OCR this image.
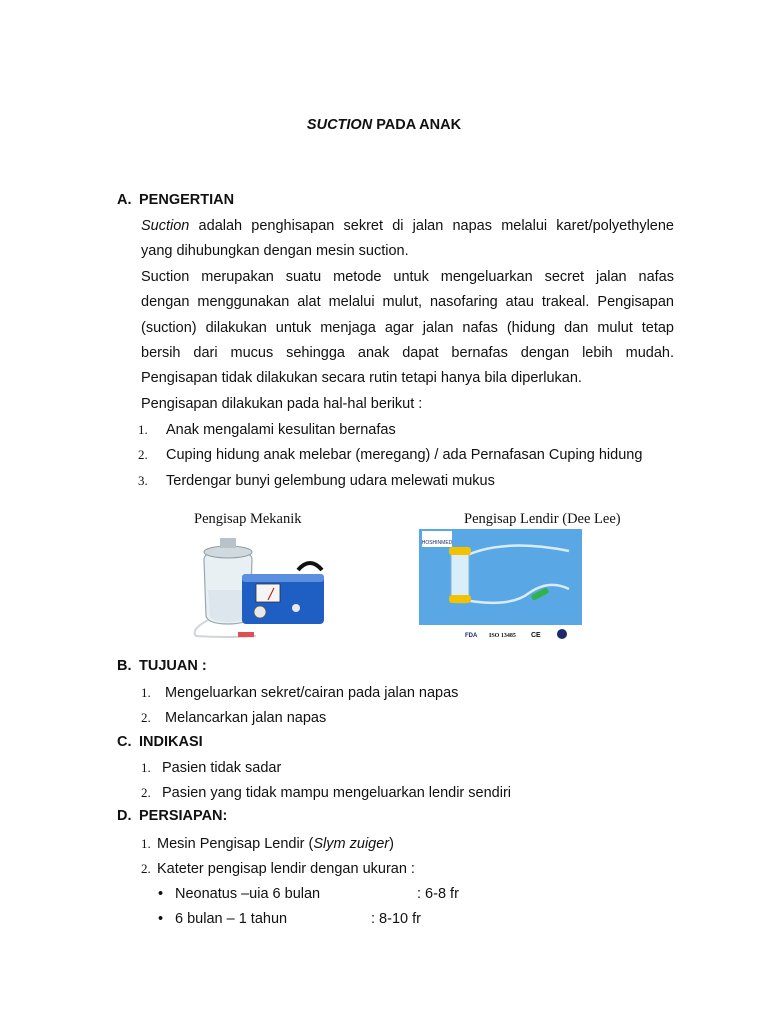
SUCTION PADA ANAK
A. PENGERTIAN
Suction adalah penghisapan sekret di jalan napas melalui karet/polyethylene
yang dihubungkan dengan mesin suction.
Suction merupakan suatu metode untuk mengeluarkan secret jalan nafas
dengan menggunakan alat melalui mulut, nasofaring atau trakeal. Pengisapan
(suction) dilakukan untuk menjaga agar jalan nafas (hidung dan mulut tetap
bersih dari mucus sehingga anak dapat bernafas dengan lebih mudah.
Pengisapan tidak dilakukan secara rutin tetapi hanya bila diperlukan.
Pengisapan dilakukan pada hal-hal berikut :
1. Anak mengalami kesulitan bernafas
2. Cuping hidung anak melebar (meregang) / ada Pernafasan Cuping hidung
3. Terdengar bunyi gelembung udara melewati mukus
Pengisap Mekanik	Pengisap Lendir (Dee Lee)
HOSHINMED
FDA ISO 13485 CE
B. TUJUAN :
1. Mengeluarkan sekret/cairan pada jalan napas
2. Melancarkan jalan napas
C. INDIKASI
1. Pasien tidak sadar
2. Pasien yang tidak mampu mengeluarkan lendir sendiri
D. PERSIAPAN:
1. Mesin Pengisap Lendir (Slym zuiger)
2. Kateter pengisap lendir dengan ukuran :
• Neonatus –uia 6 bulan	: 6-8 fr
• 6 bulan – 1 tahun	: 8-10 fr
